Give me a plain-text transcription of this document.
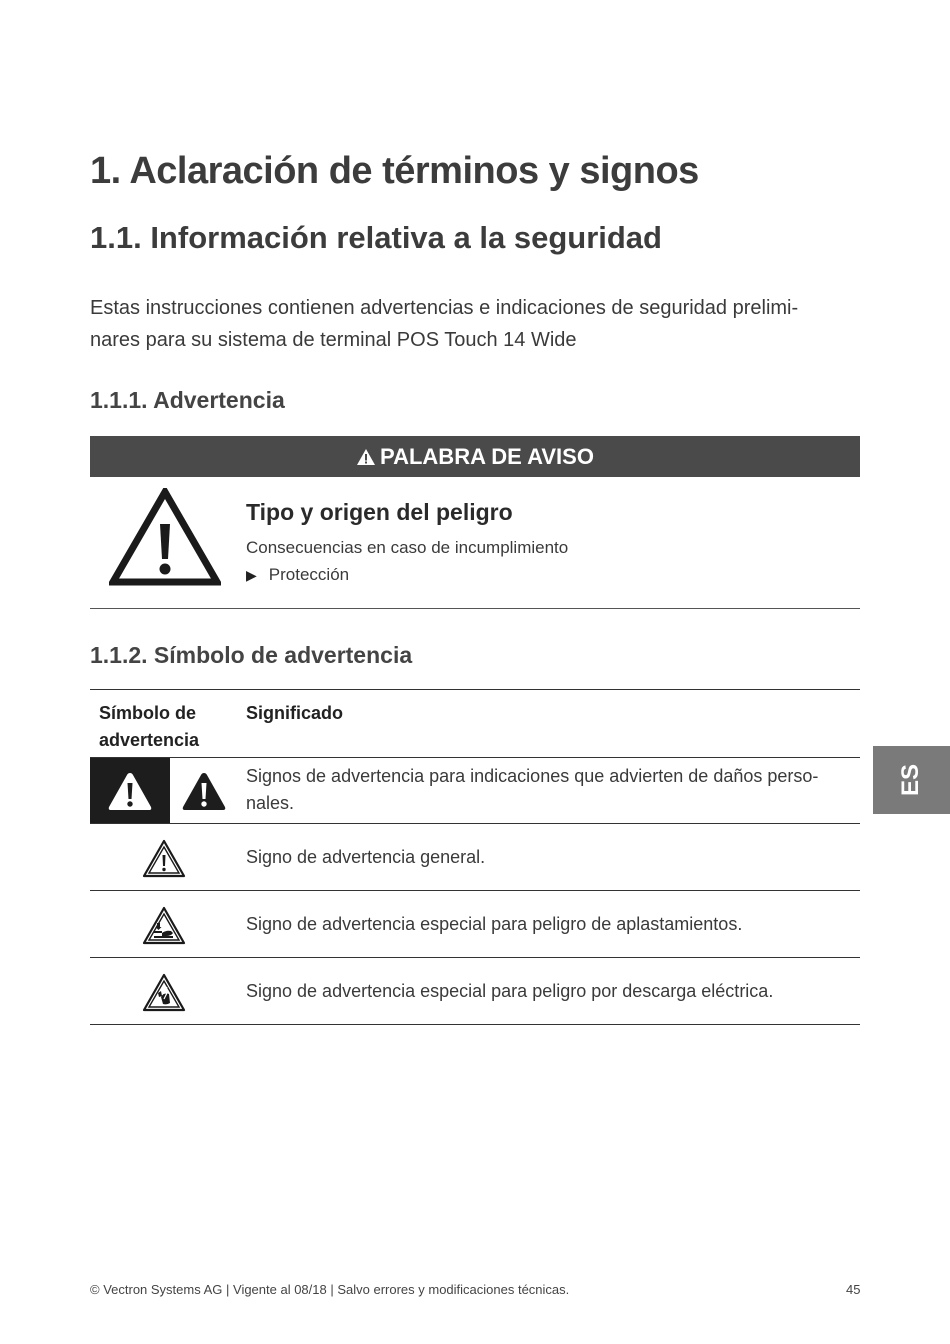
1. Aclaración de términos y signos
1.1. Información relativa a la seguridad
Estas instrucciones contienen advertencias e indicaciones de seguridad prelimi-
nares para su sistema de terminal POS Touch 14 Wide
1.1.1. Advertencia
PALABRA DE AVISO
Tipo y origen del peligro
Consecuencias en caso de incumplimiento
▶ Protección
1.1.2. Símbolo de advertencia
Símbolo de
advertencia
Significado
Signos de advertencia para indicaciones que advierten de daños perso-
nales.
Signo de advertencia general.
Signo de advertencia especial para peligro de aplastamientos.
Signo de advertencia especial para peligro por descarga eléctrica.
ES
© Vectron Systems AG | Vigente al 08/18 | Salvo errores y modificaciones técnicas.	45
